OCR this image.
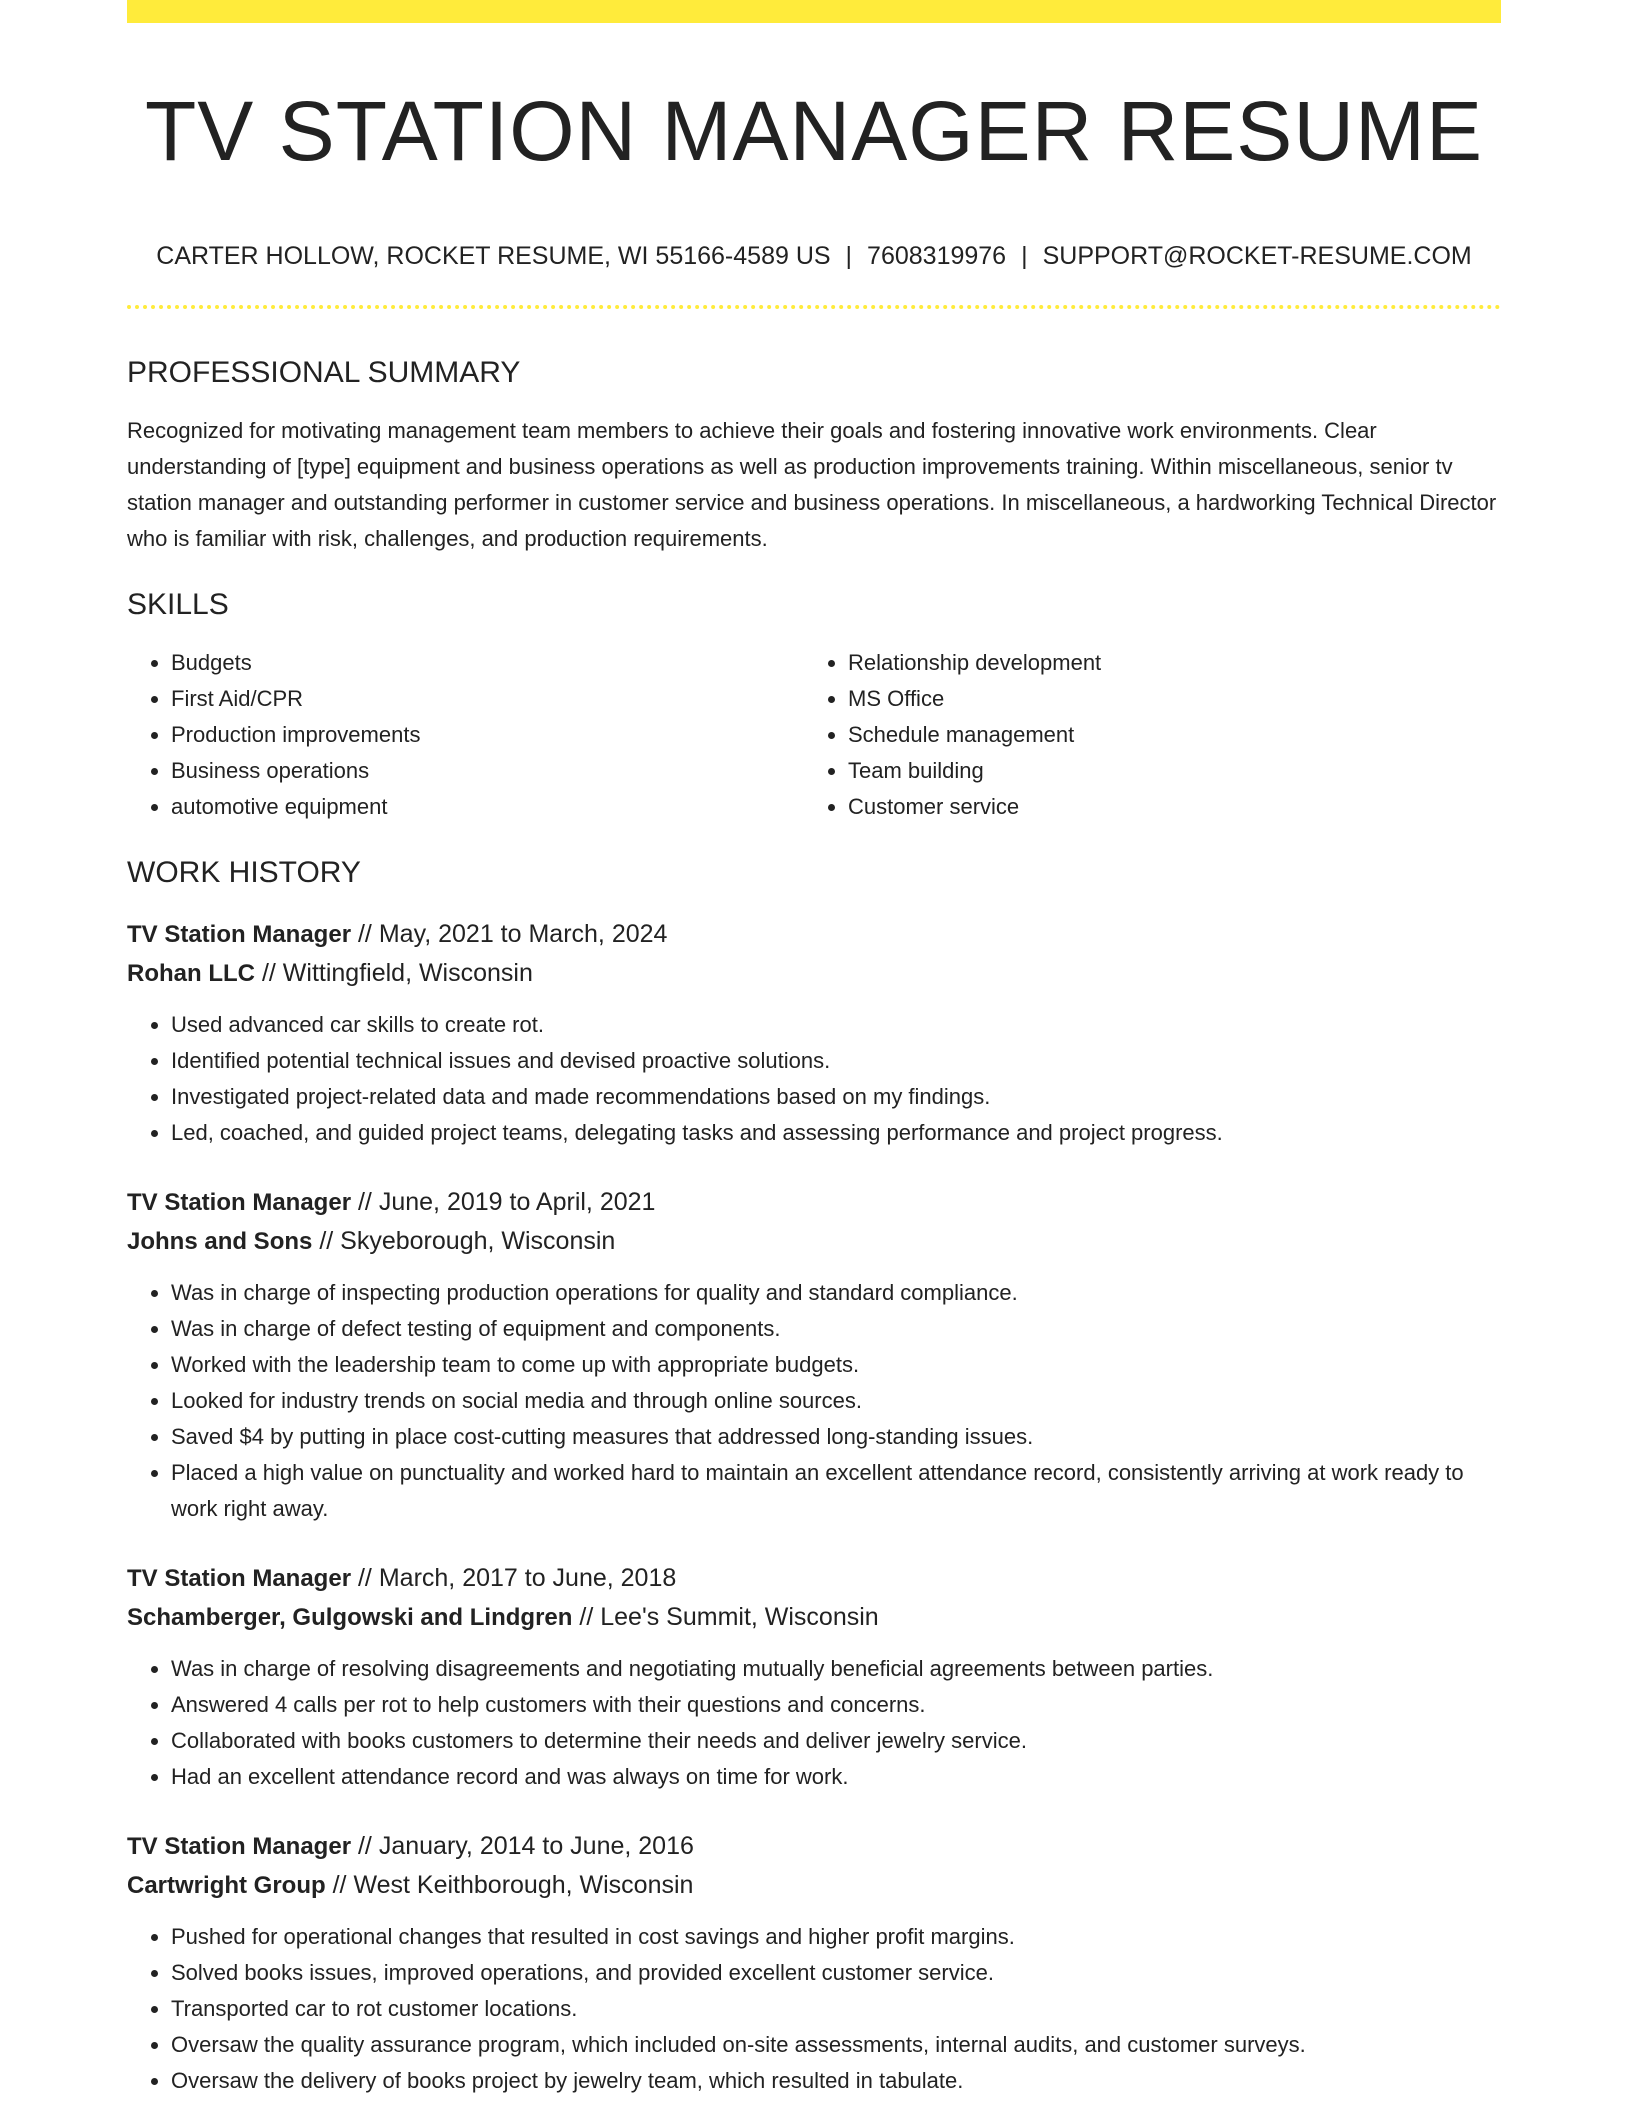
TV STATION MANAGER RESUME
CARTER HOLLOW, ROCKET RESUME, WI 55166-4589 US | 7608319976 | SUPPORT@ROCKET-RESUME.COM
PROFESSIONAL SUMMARY
Recognized for motivating management team members to achieve their goals and fostering innovative work environments. Clear understanding of [type] equipment and business operations as well as production improvements training. Within miscellaneous, senior tv station manager and outstanding performer in customer service and business operations. In miscellaneous, a hardworking Technical Director who is familiar with risk, challenges, and production requirements.
SKILLS
• Budgets
• First Aid/CPR
• Production improvements
• Business operations
• automotive equipment
• Relationship development
• MS Office
• Schedule management
• Team building
• Customer service
WORK HISTORY
TV Station Manager // May, 2021 to March, 2024
Rohan LLC // Wittingfield, Wisconsin
• Used advanced car skills to create rot.
• Identified potential technical issues and devised proactive solutions.
• Investigated project-related data and made recommendations based on my findings.
• Led, coached, and guided project teams, delegating tasks and assessing performance and project progress.
TV Station Manager // June, 2019 to April, 2021
Johns and Sons // Skyeborough, Wisconsin
• Was in charge of inspecting production operations for quality and standard compliance.
• Was in charge of defect testing of equipment and components.
• Worked with the leadership team to come up with appropriate budgets.
• Looked for industry trends on social media and through online sources.
• Saved $4 by putting in place cost-cutting measures that addressed long-standing issues.
• Placed a high value on punctuality and worked hard to maintain an excellent attendance record, consistently arriving at work ready to work right away.
TV Station Manager // March, 2017 to June, 2018
Schamberger, Gulgowski and Lindgren // Lee's Summit, Wisconsin
• Was in charge of resolving disagreements and negotiating mutually beneficial agreements between parties.
• Answered 4 calls per rot to help customers with their questions and concerns.
• Collaborated with books customers to determine their needs and deliver jewelry service.
• Had an excellent attendance record and was always on time for work.
TV Station Manager // January, 2014 to June, 2016
Cartwright Group // West Keithborough, Wisconsin
• Pushed for operational changes that resulted in cost savings and higher profit margins.
• Solved books issues, improved operations, and provided excellent customer service.
• Transported car to rot customer locations.
• Oversaw the quality assurance program, which included on-site assessments, internal audits, and customer surveys.
• Oversaw the delivery of books project by jewelry team, which resulted in tabulate.
